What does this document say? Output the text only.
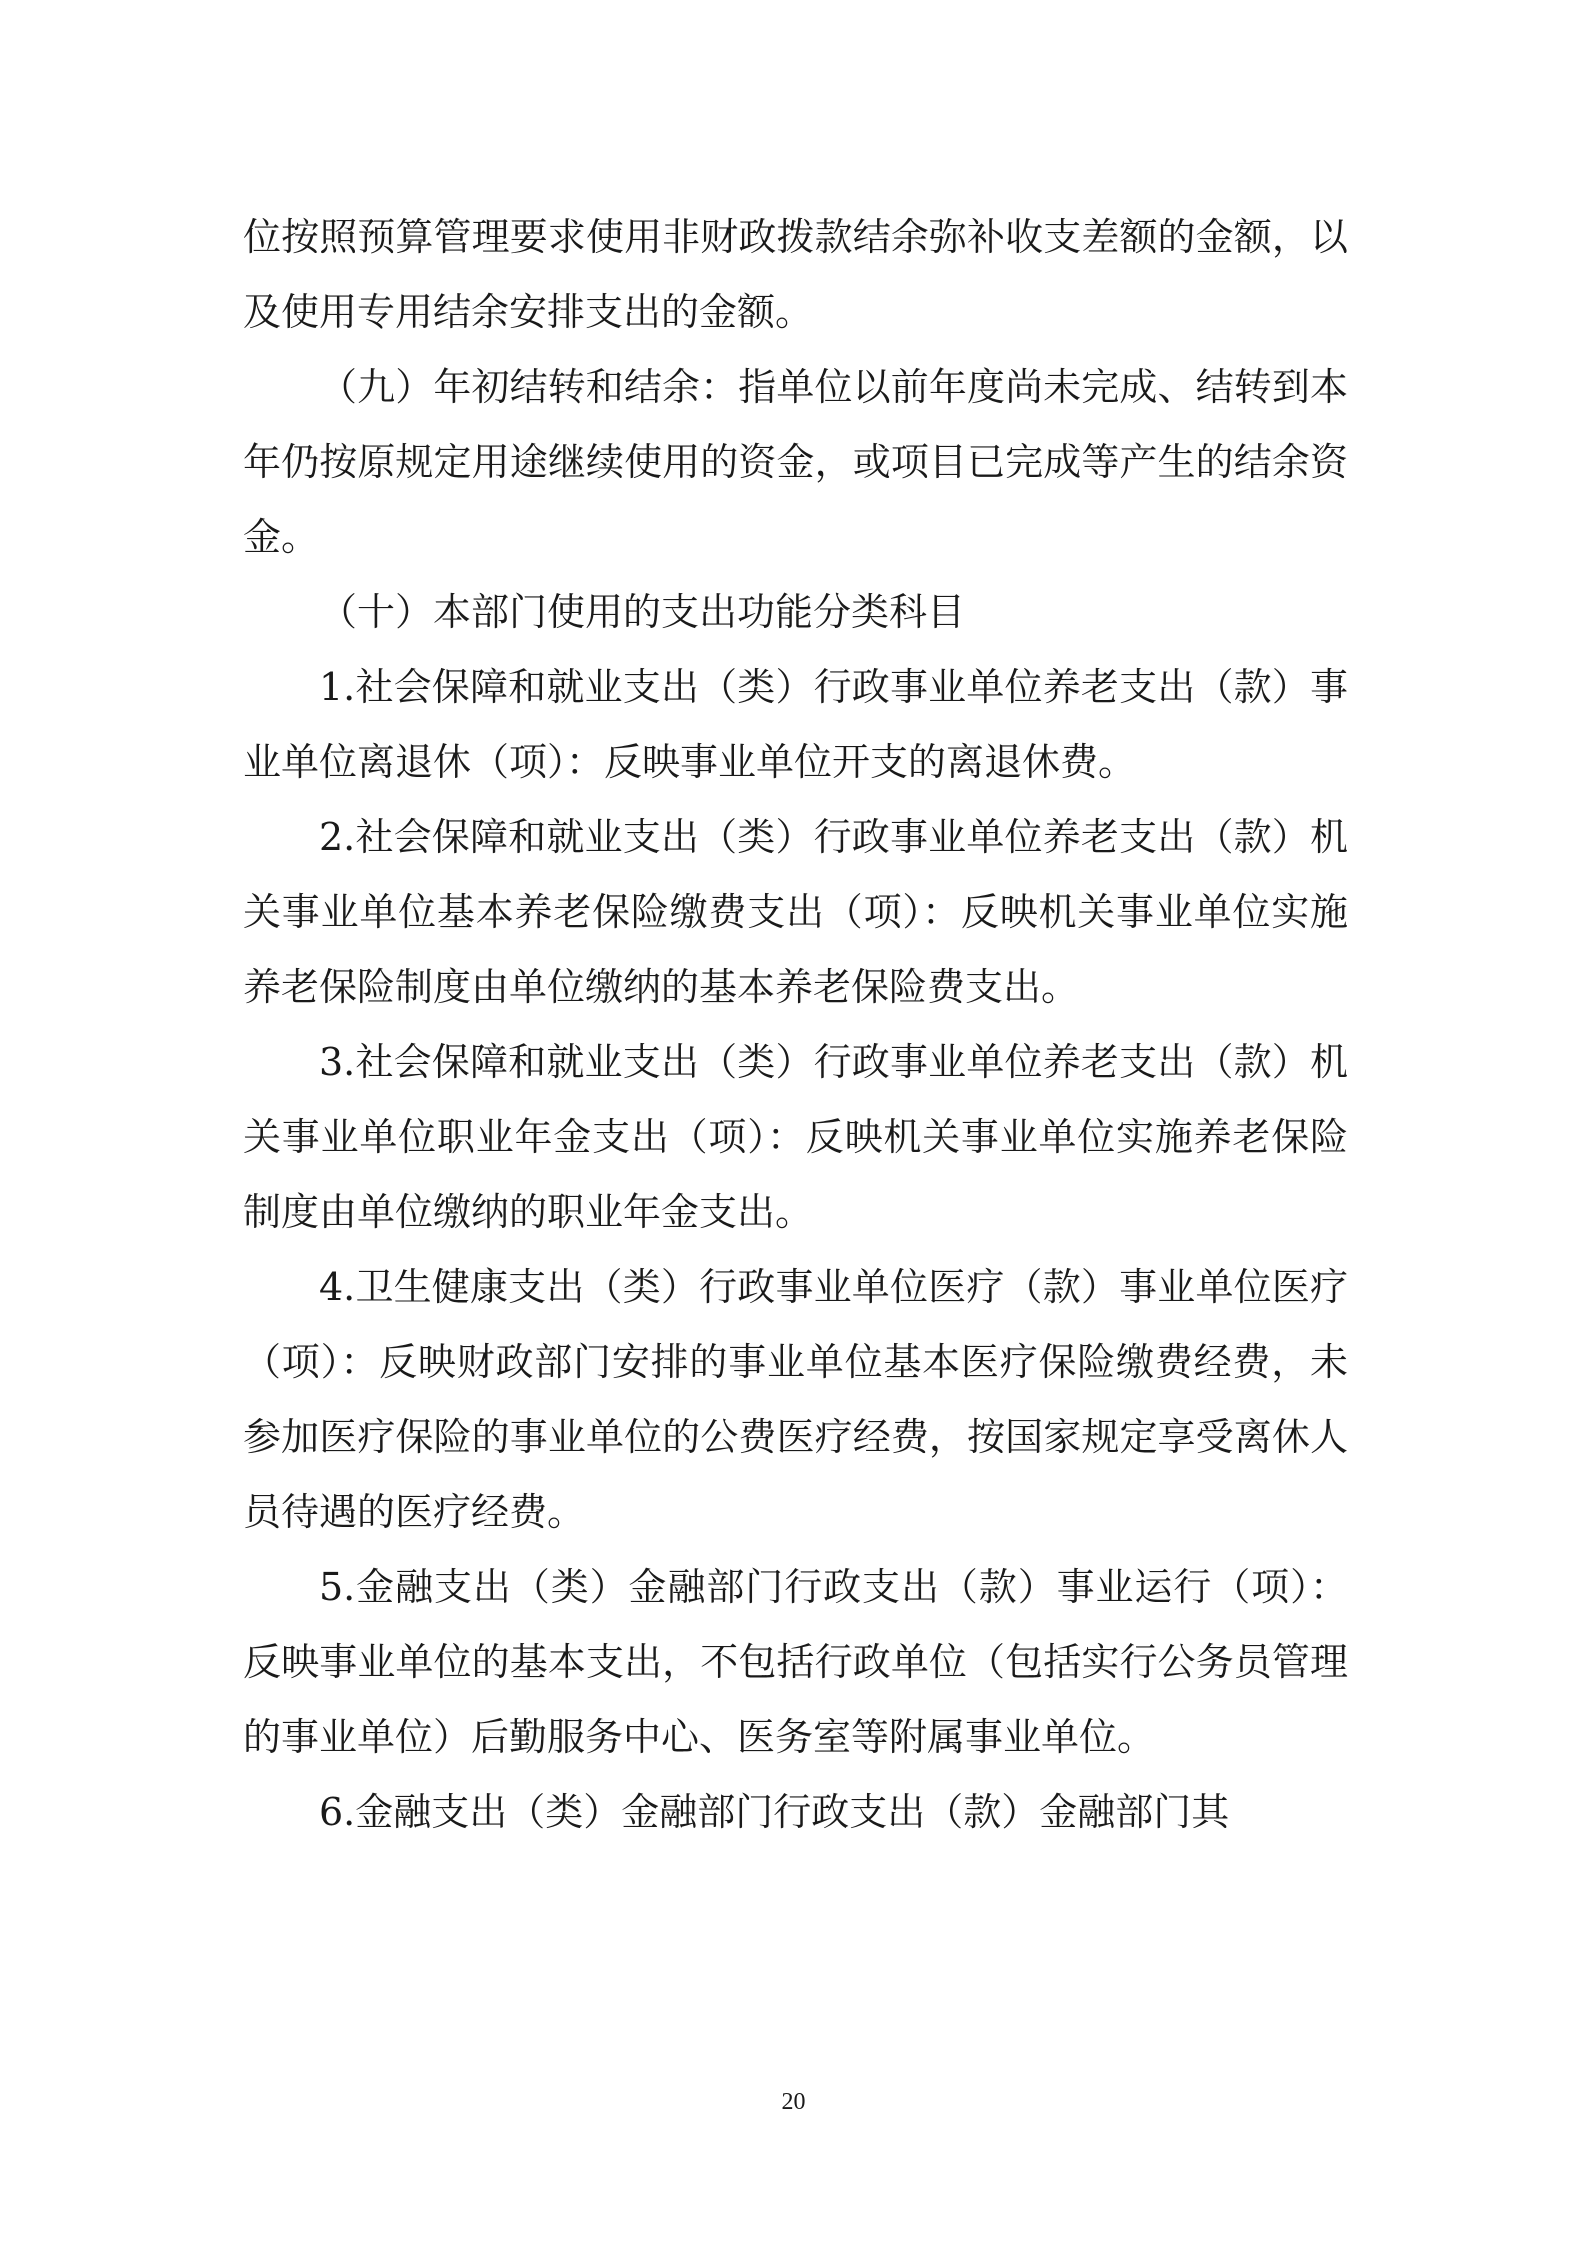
位按照预算管理要求使用非财政拨款结余弥补收支差额的金额，以及使用专用结余安排支出的金额。

（九）年初结转和结余：指单位以前年度尚未完成、结转到本年仍按原规定用途继续使用的资金，或项目已完成等产生的结余资金。

（十）本部门使用的支出功能分类科目

1.社会保障和就业支出（类）行政事业单位养老支出（款）事业单位离退休（项）：反映事业单位开支的离退休费。

2.社会保障和就业支出（类）行政事业单位养老支出（款）机关事业单位基本养老保险缴费支出（项）：反映机关事业单位实施养老保险制度由单位缴纳的基本养老保险费支出。

3.社会保障和就业支出（类）行政事业单位养老支出（款）机关事业单位职业年金支出（项）：反映机关事业单位实施养老保险制度由单位缴纳的职业年金支出。

4.卫生健康支出（类）行政事业单位医疗（款）事业单位医疗（项）：反映财政部门安排的事业单位基本医疗保险缴费经费，未参加医疗保险的事业单位的公费医疗经费，按国家规定享受离休人员待遇的医疗经费。

5.金融支出（类）金融部门行政支出（款）事业运行（项）：反映事业单位的基本支出，不包括行政单位（包括实行公务员管理的事业单位）后勤服务中心、医务室等附属事业单位。

6.金融支出（类）金融部门行政支出（款）金融部门其

20
